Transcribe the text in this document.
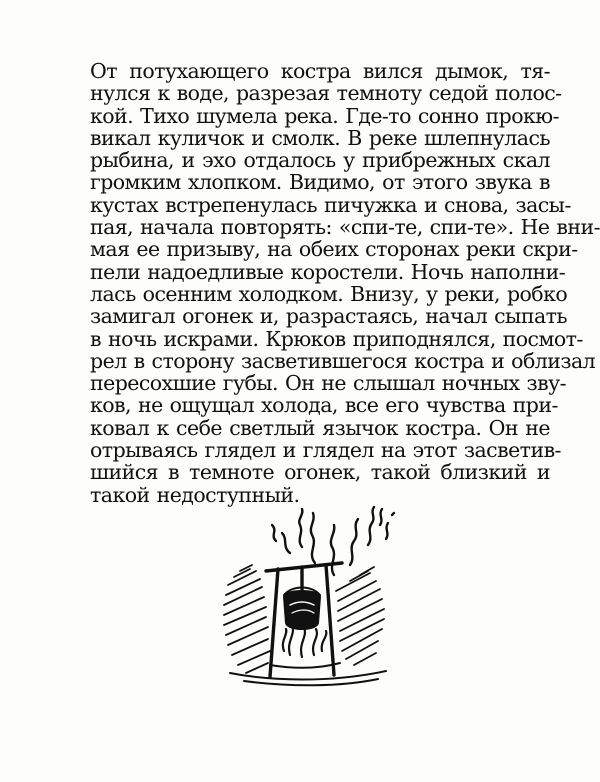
От потухающего костра вился дымок, тя-
нулся к воде, разрезая темноту седой полос-
кой. Тихо шумела река. Где-то сонно прокю-
викал куличок и смолк. В реке шлепнулась
рыбина, и эхо отдалось у прибрежных скал
громким хлопком. Видимо, от этого звука в
кустах встрепенулась пичужка и снова, засы-
пая, начала повторять: «спи-те, спи-те». Не вни-
мая ее призыву, на обеих сторонах реки скри-
пели надоедливые коростели. Ночь наполни-
лась осенним холодком. Внизу, у реки, робко
замигал огонек и, разрастаясь, начал сыпать
в ночь искрами. Крюков приподнялся, посмот-
рел в сторону засветившегося костра и облизал
пересохшие губы. Он не слышал ночных зву-
ков, не ощущал холода, все его чувства при-
ковал к себе светлый язычок костра. Он не
отрываясь глядел и глядел на этот засветив-
шийся в темноте огонек, такой близкий и
такой недоступный.
